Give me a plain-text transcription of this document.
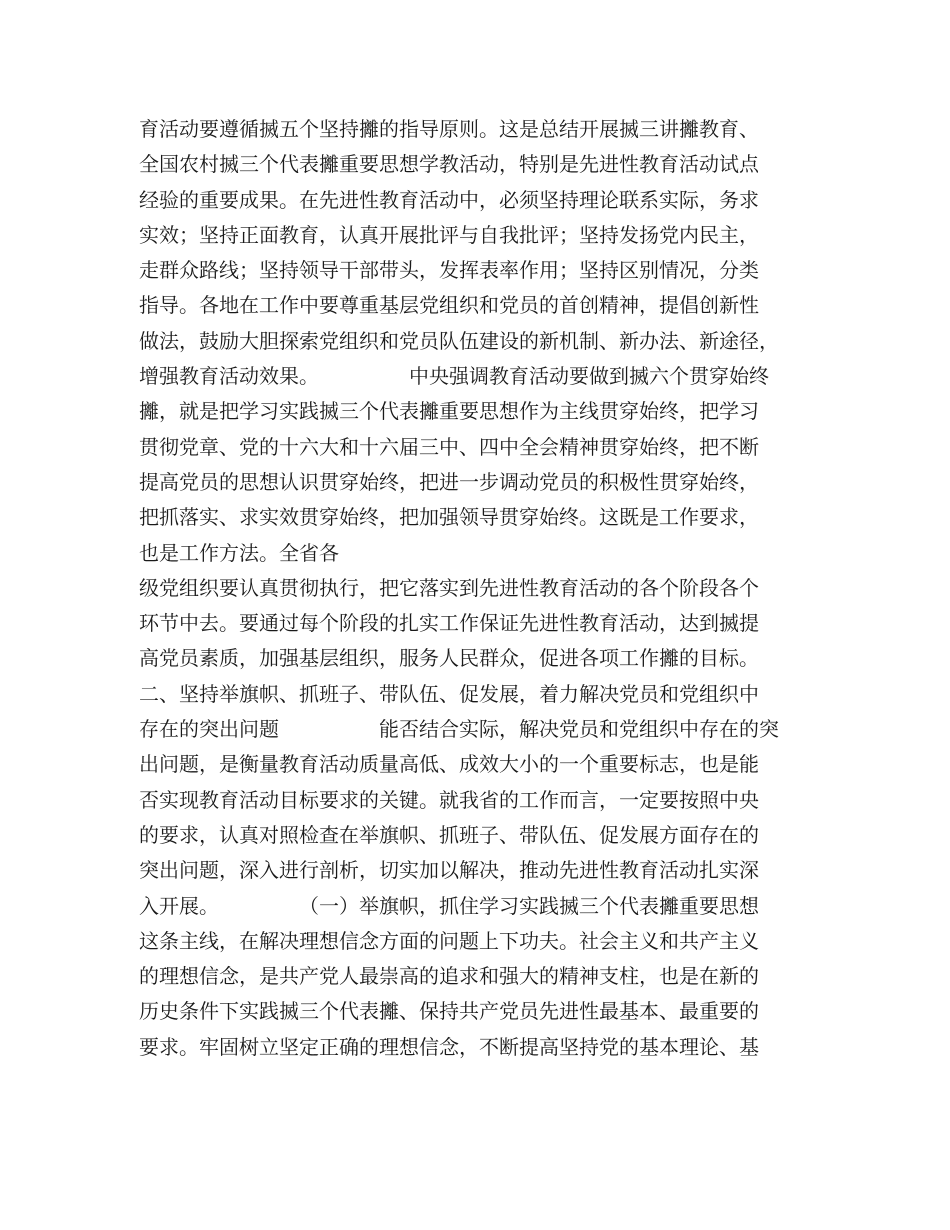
育活动要遵循搣五个坚持攡的指导原则。这是总结开展搣三讲攡教育、
全国农村搣三个代表攡重要思想学教活动，特别是先进性教育活动试点
经验的重要成果。在先进性教育活动中，必须坚持理论联系实际，务求
实效；坚持正面教育，认真开展批评与自我批评；坚持发扬党内民主，
走群众路线；坚持领导干部带头，发挥表率作用；坚持区别情况，分类
指导。各地在工作中要尊重基层党组织和党员的首创精神，提倡创新性
做法，鼓励大胆探索党组织和党员队伍建设的新机制、新办法、新途径，
增强教育活动效果。　　　　　中央强调教育活动要做到搣六个贯穿始终
攡，就是把学习实践搣三个代表攡重要思想作为主线贯穿始终，把学习
贯彻党章、党的十六大和十六届三中、四中全会精神贯穿始终，把不断
提高党员的思想认识贯穿始终，把进一步调动党员的积极性贯穿始终，
把抓落实、求实效贯穿始终，把加强领导贯穿始终。这既是工作要求，
也是工作方法。全省各
级党组织要认真贯彻执行，把它落实到先进性教育活动的各个阶段各个
环节中去。要通过每个阶段的扎实工作保证先进性教育活动，达到搣提
高党员素质，加强基层组织，服务人民群众，促进各项工作攡的目标。
二、坚持举旗帜、抓班子、带队伍、促发展，着力解决党员和党组织中
存在的突出问题　　　　　能否结合实际，解决党员和党组织中存在的突
出问题，是衡量教育活动质量高低、成效大小的一个重要标志，也是能
否实现教育活动目标要求的关键。就我省的工作而言，一定要按照中央
的要求，认真对照检查在举旗帜、抓班子、带队伍、促发展方面存在的
突出问题，深入进行剖析，切实加以解决，推动先进性教育活动扎实深
入开展。　　　　　（一）举旗帜，抓住学习实践搣三个代表攡重要思想
这条主线，在解决理想信念方面的问题上下功夫。社会主义和共产主义
的理想信念，是共产党人最崇高的追求和强大的精神支柱，也是在新的
历史条件下实践搣三个代表攡、保持共产党员先进性最基本、最重要的
要求。牢固树立坚定正确的理想信念，不断提高坚持党的基本理论、基
